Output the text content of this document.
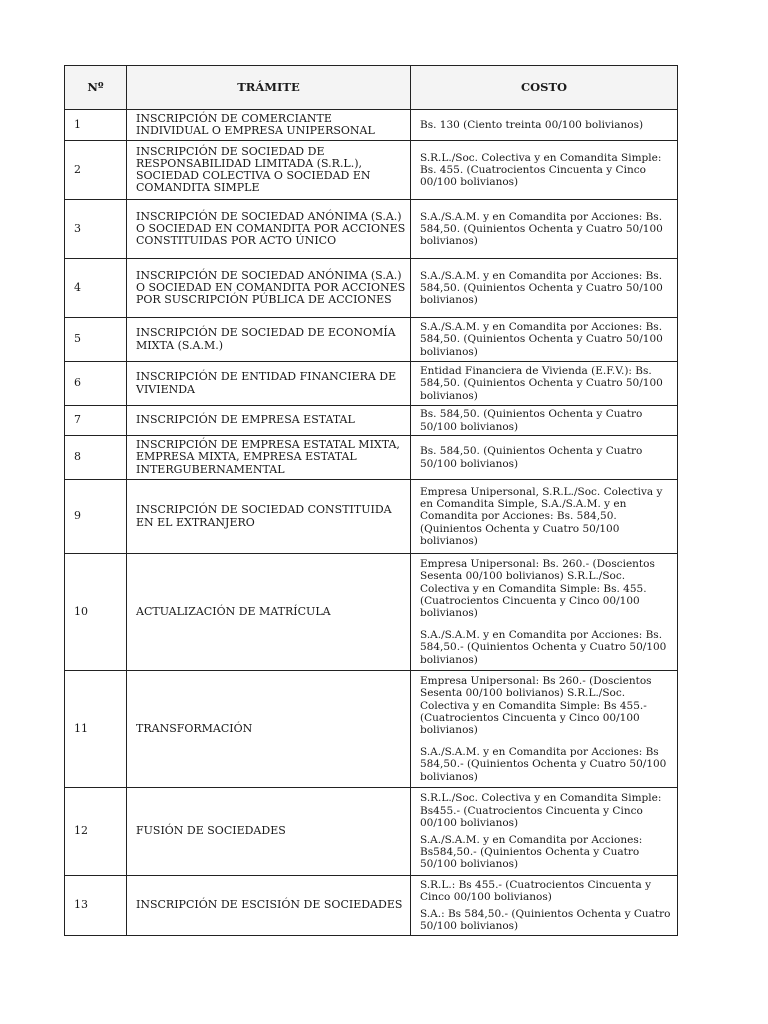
Nº	TRÁMITE	COSTO
1	INSCRIPCIÓN DE COMERCIANTE INDIVIDUAL O EMPRESA UNIPERSONAL	Bs. 130 (Ciento treinta 00/100 bolivianos)

2	INSCRIPCIÓN DE SOCIEDAD DE RESPONSABILIDAD LIMITADA (S.R.L.), SOCIEDAD COLECTIVA O SOCIEDAD EN COMANDITA SIMPLE	S.R.L./Soc. Colectiva y en Comandita Simple: Bs. 455. (Cuatrocientos Cincuenta y Cinco 00/100 bolivianos)

3	INSCRIPCIÓN DE SOCIEDAD ANÓNIMA (S.A.) O SOCIEDAD EN COMANDITA POR ACCIONES CONSTITUIDAS POR ACTO ÚNICO	S.A./S.A.M. y en Comandita por Acciones: Bs. 584,50. (Quinientos Ochenta y Cuatro 50/100 bolivianos)

4	INSCRIPCIÓN DE SOCIEDAD ANÓNIMA (S.A.) O SOCIEDAD EN COMANDITA POR ACCIONES POR SUSCRIPCIÓN PÚBLICA DE ACCIONES	S.A./S.A.M. y en Comandita por Acciones: Bs. 584,50. (Quinientos Ochenta y Cuatro 50/100 bolivianos)

5	INSCRIPCIÓN DE SOCIEDAD DE ECONOMÍA MIXTA (S.A.M.)	S.A./S.A.M. y en Comandita por Acciones: Bs. 584,50. (Quinientos Ochenta y Cuatro 50/100 bolivianos)

6	INSCRIPCIÓN DE ENTIDAD FINANCIERA DE VIVIENDA	Entidad Financiera de Vivienda (E.F.V.): Bs. 584,50. (Quinientos Ochenta y Cuatro 50/100 bolivianos)

7	INSCRIPCIÓN DE EMPRESA ESTATAL	Bs. 584,50. (Quinientos Ochenta y Cuatro 50/100 bolivianos)

8	INSCRIPCIÓN DE EMPRESA ESTATAL MIXTA, EMPRESA MIXTA, EMPRESA ESTATAL INTERGUBERNAMENTAL	Bs. 584,50. (Quinientos Ochenta y Cuatro 50/100 bolivianos)

9	INSCRIPCIÓN DE SOCIEDAD CONSTITUIDA EN EL EXTRANJERO	Empresa Unipersonal, S.R.L./Soc. Colectiva y en Comandita Simple, S.A./S.A.M. y en Comandita por Acciones: Bs. 584,50. (Quinientos Ochenta y Cuatro 50/100 bolivianos)

10	ACTUALIZACIÓN DE MATRÍCULA	Empresa Unipersonal: Bs. 260.- (Doscientos Sesenta 00/100 bolivianos) S.R.L./Soc. Colectiva y en Comandita Simple: Bs. 455. (Cuatrocientos Cincuenta y Cinco 00/100 bolivianos)

S.A./S.A.M. y en Comandita por Acciones: Bs. 584,50.- (Quinientos Ochenta y Cuatro 50/100 bolivianos)

11	TRANSFORMACIÓN	Empresa Unipersonal: Bs 260.- (Doscientos Sesenta 00/100 bolivianos) S.R.L./Soc. Colectiva y en Comandita Simple: Bs 455.- (Cuatrocientos Cincuenta y Cinco 00/100 bolivianos)

S.A./S.A.M. y en Comandita por Acciones: Bs 584,50.- (Quinientos Ochenta y Cuatro 50/100 bolivianos)

12	FUSIÓN DE SOCIEDADES	S.R.L./Soc. Colectiva y en Comandita Simple: Bs455.- (Cuatrocientos Cincuenta y Cinco 00/100 bolivianos)

S.A./S.A.M. y en Comandita por Acciones: Bs584,50.- (Quinientos Ochenta y Cuatro 50/100 bolivianos)

13	INSCRIPCIÓN DE ESCISIÓN DE SOCIEDADES	S.R.L.: Bs 455.- (Cuatrocientos Cincuenta y Cinco 00/100 bolivianos)

S.A.: Bs 584,50.- (Quinientos Ochenta y Cuatro 50/100 bolivianos)
